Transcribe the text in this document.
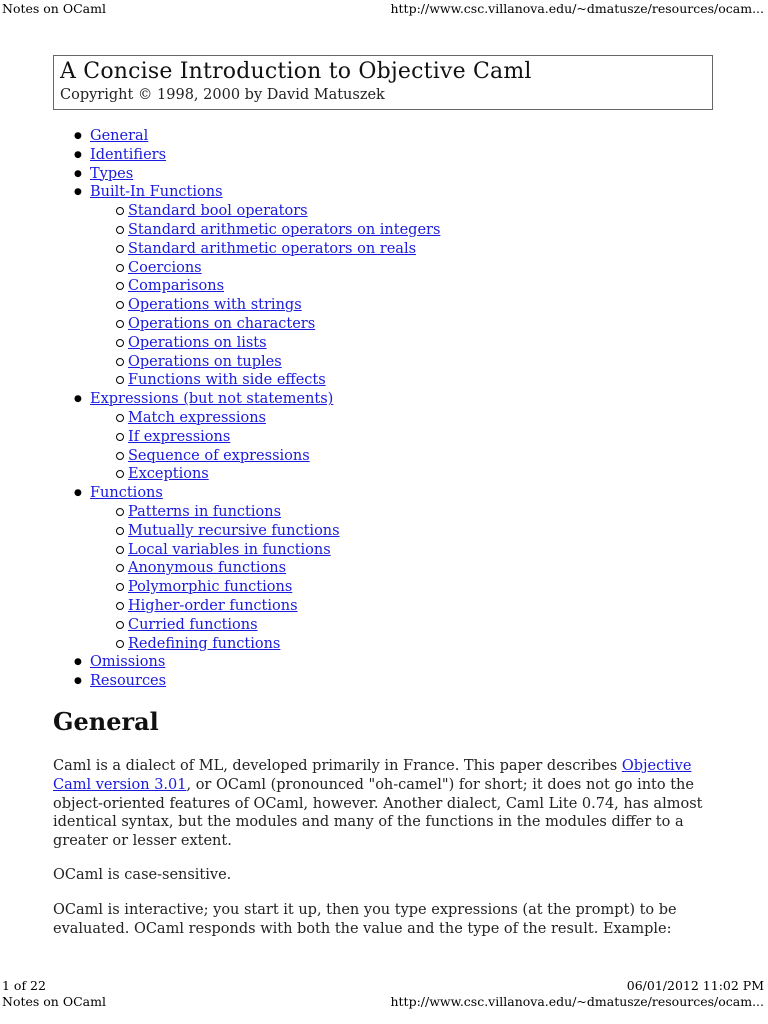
Notes on OCaml	http://www.csc.villanova.edu/~dmatusze/resources/ocam...
A Concise Introduction to Objective Caml
Copyright © 1998, 2000 by David Matuszek
● General
● Identifiers
● Types
● Built-In Functions
Standard bool operators
Standard arithmetic operators on integers
Standard arithmetic operators on reals
Coercions
Comparisons
Operations with strings
Operations on characters
Operations on lists
Operations on tuples
Functions with side effects
● Expressions (but not statements)
Match expressions
If expressions
Sequence of expressions
Exceptions
● Functions
Patterns in functions
Mutually recursive functions
Local variables in functions
Anonymous functions
Polymorphic functions
Higher-order functions
Curried functions
Redefining functions
● Omissions
● Resources
General

Caml is a dialect of ML, developed primarily in France. This paper describes Objective Caml version 3.01, or OCaml (pronounced "oh-camel") for short; it does not go into the object-oriented features of OCaml, however. Another dialect, Caml Lite 0.74, has almost identical syntax, but the modules and many of the functions in the modules differ to a greater or lesser extent.

OCaml is case-sensitive.

OCaml is interactive; you start it up, then you type expressions (at the prompt) to be evaluated. OCaml responds with both the value and the type of the result. Example:

1 of 22	06/01/2012 11:02 PM
Notes on OCaml	http://www.csc.villanova.edu/~dmatusze/resources/ocam...
